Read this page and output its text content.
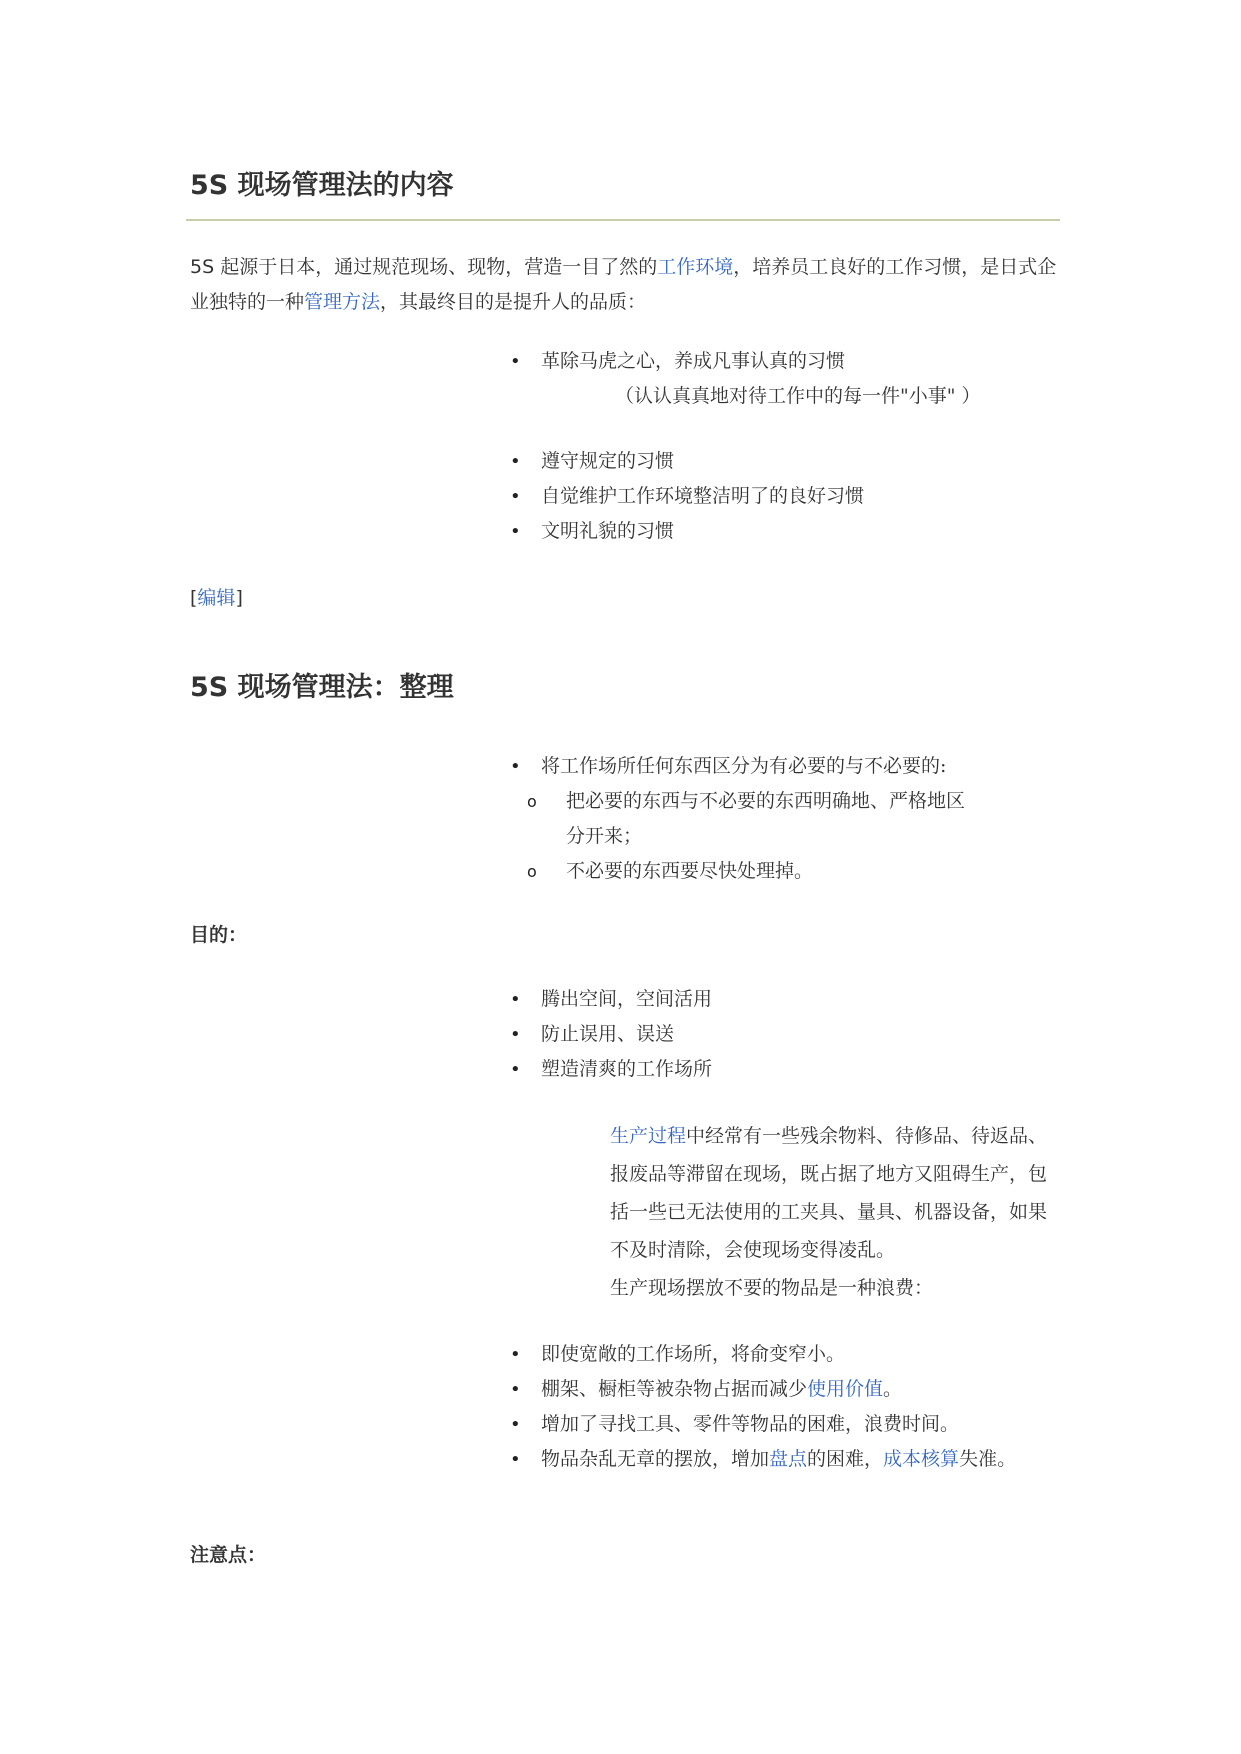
5S 现场管理法的内容
5S 起源于日本，通过规范现场、现物，营造一目了然的工作环境，培养员工良好的工作习惯，是日式企业独特的一种管理方法，其最终目的是提升人的品质：
• 革除马虎之心，养成凡事认真的习惯
（认认真真地对待工作中的每一件"小事" ）
• 遵守规定的习惯
• 自觉维护工作环境整洁明了的良好习惯
• 文明礼貌的习惯
[编辑]
5S 现场管理法：整理
• 将工作场所任何东西区分为有必要的与不必要的:
o 把必要的东西与不必要的东西明确地、严格地区分开来；
o 不必要的东西要尽快处理掉。
目的：
• 腾出空间，空间活用
• 防止误用、误送
• 塑造清爽的工作场所
生产过程中经常有一些残余物料、待修品、待返品、报废品等滞留在现场，既占据了地方又阻碍生产，包括一些已无法使用的工夹具、量具、机器设备，如果不及时清除，会使现场变得凌乱。
生产现场摆放不要的物品是一种浪费：
• 即使宽敞的工作场所，将俞变窄小。
• 棚架、橱柜等被杂物占据而减少使用价值。
• 增加了寻找工具、零件等物品的困难，浪费时间。
• 物品杂乱无章的摆放，增加盘点的困难，成本核算失准。
注意点：
